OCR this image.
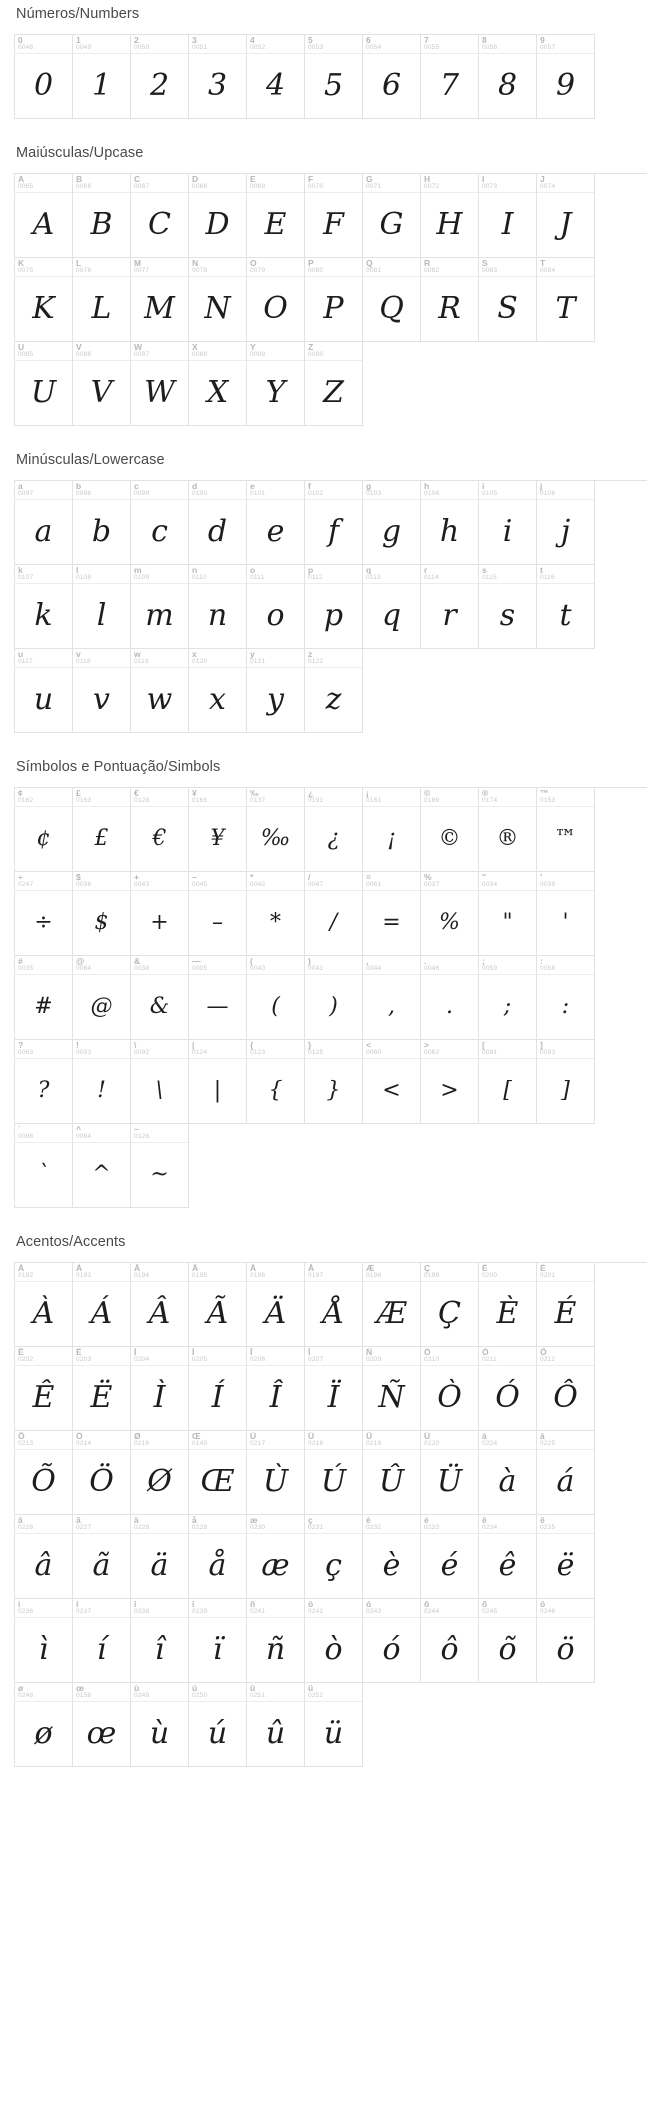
Números/Numbers
0
0048
0
1
0049
1
2
0050
2
3
0051
3
4
0052
4
5
0053
5
6
0054
6
7
0055
7
8
0056
8
9
0057
9
Maiúsculas/Upcase
A
0065
A
B
0066
B
C
0067
C
D
0068
D
E
0069
E
F
0070
F
G
0071
G
H
0072
H
I
0073
I
J
0074
J
K
0075
K
L
0076
L
M
0077
M
N
0078
N
O
0079
O
P
0080
P
Q
0081
Q
R
0082
R
S
0083
S
T
0084
T
U
0085
U
V
0086
V
W
0087
W
X
0088
X
Y
0089
Y
Z
0090
Z
Minúsculas/Lowercase
a
0097
a
b
0098
b
c
0099
c
d
0100
d
e
0101
e
f
0102
f
g
0103
g
h
0104
h
i
0105
i
j
0106
j
k
0107
k
l
0108
l
m
0109
m
n
0110
n
o
0111
o
p
0112
p
q
0113
q
r
0114
r
s
0115
s
t
0116
t
u
0117
u
v
0118
v
w
0119
w
x
0120
x
y
0121
y
z
0122
z
Símbolos e Pontuação/Simbols
¢
0162
¢
£
0163
£
€
0128
€
¥
0165
¥
‰
0137
‰
¿
0191
¿
¡
0161
¡
©
0169
©
®
0174
®
™
0153
™
÷
0247
÷
$
0036
$
+
0043
+
–
0045
–
*
0042
*
/
0047
/
=
0061
=
%
0037
%
"
0034
"
'
0039
'
#
0035
#
@
0064
@
&
0038
&
—
0005
—
(
0040
(
)
0041
)
,
0044
,
.
0046
.
;
0059
;
:
0058
:
?
0063
?
!
0033
!
\
0092
\
|
0124
|
{
0123
{
}
0125
}
<
0060
<
>
0062
>
[
0091
[
]
0093
]
`
0096
`
^
0094
^
~
0126
~
Acentos/Accents
À
0192
À
Á
0193
Á
Â
0194
Â
Ã
0195
Ã
Ä
0196
Ä
Å
0197
Å
Æ
0198
Æ
Ç
0199
Ç
È
0200
È
É
0201
É
Ê
0202
Ê
Ë
0203
Ë
Ì
0204
Ì
Í
0205
Í
Î
0206
Î
Ï
0207
Ï
Ñ
0209
Ñ
Ò
0210
Ò
Ó
0211
Ó
Ô
0212
Ô
Õ
0213
Õ
Ö
0214
Ö
Ø
0216
Ø
Œ
0140
Œ
Ù
0217
Ù
Ú
0218
Ú
Û
0219
Û
Ü
0220
Ü
à
0224
à
á
0225
á
â
0226
â
ã
0227
ã
ä
0228
ä
å
0229
å
æ
0230
æ
ç
0231
ç
è
0232
è
é
0233
é
ê
0234
ê
ë
0235
ë
ì
0236
ì
í
0237
í
î
0238
î
ï
0239
ï
ñ
0241
ñ
ò
0242
ò
ó
0243
ó
ô
0244
ô
õ
0245
õ
ö
0246
ö
ø
0248
ø
œ
0156
œ
ù
0249
ù
ú
0250
ú
û
0251
û
ü
0252
ü
